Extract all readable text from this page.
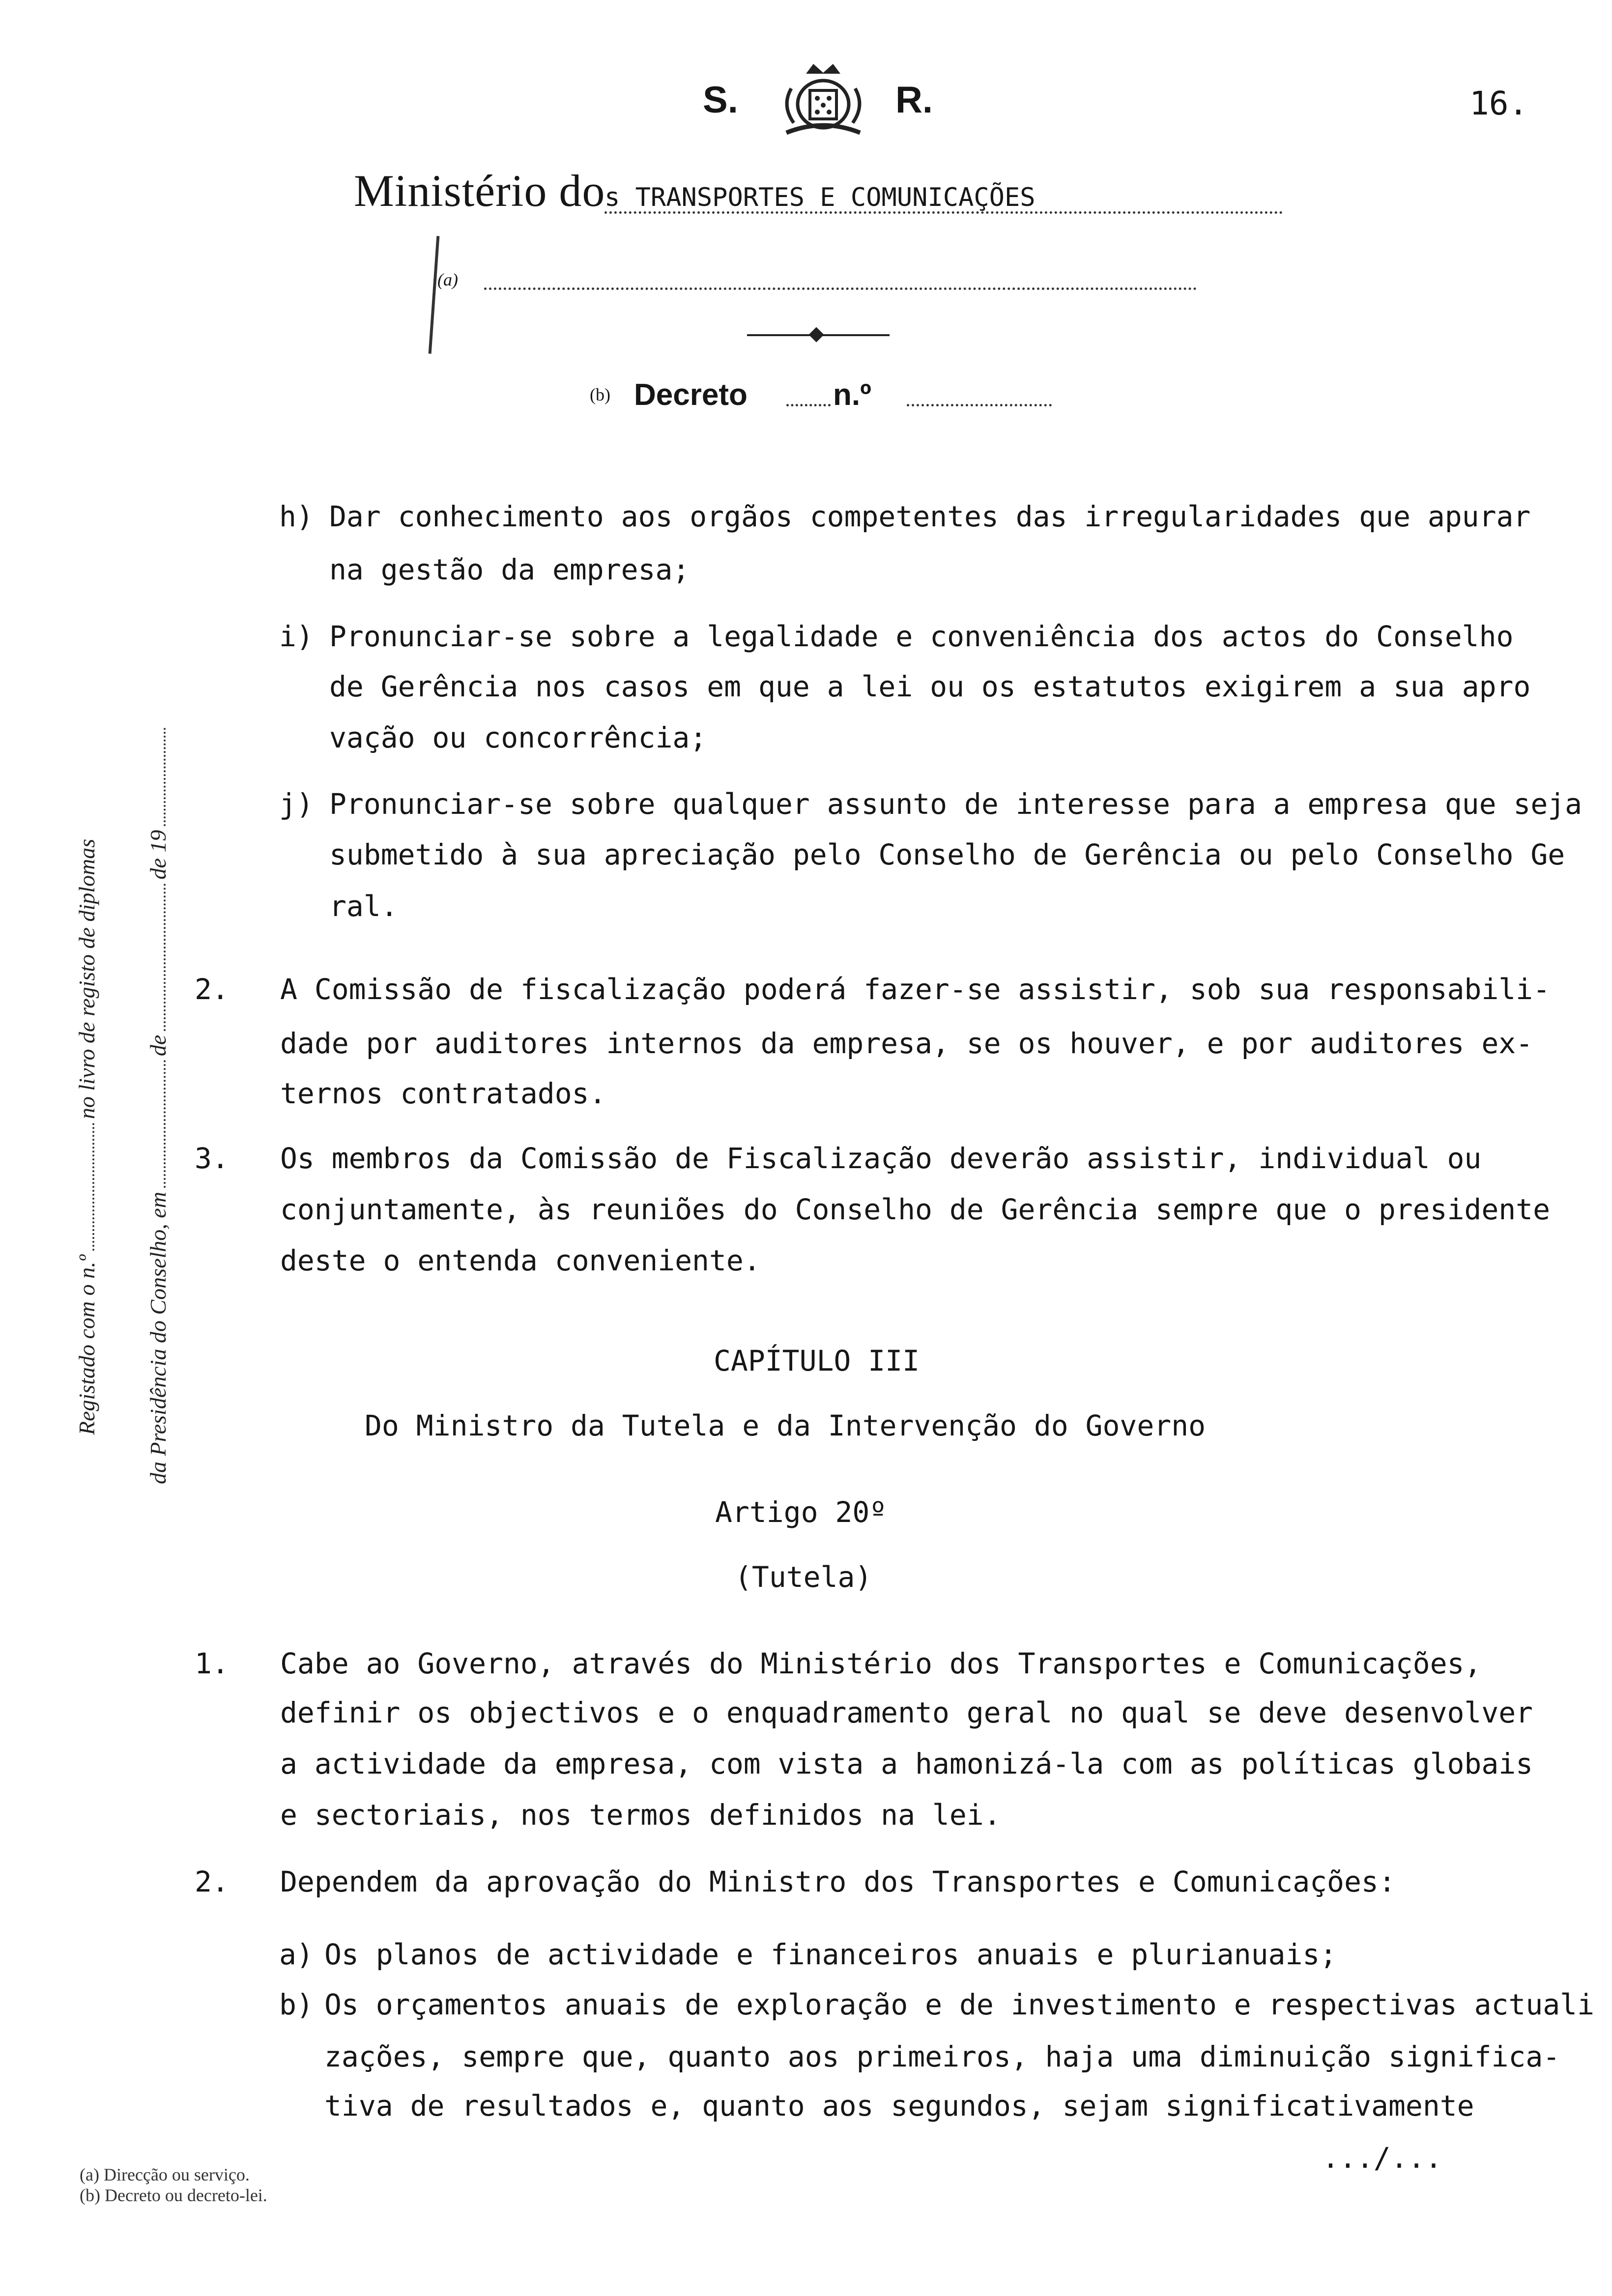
S.	R.	16.
Ministério do
s TRANSPORTES E COMUNICAÇÕES
(a)
(b) Decreto	n.º
Registado com o n.ºno livro de registo de diplomas
da Presidência do Conselho, emdede 19
h) Dar conhecimento aos orgãos competentes das irregularidades que apurar
na gestão da empresa;
i) Pronunciar-se sobre a legalidade e conveniência dos actos do Conselho
de Gerência nos casos em que a lei ou os estatutos exigirem a sua apro
vação ou concorrência;
j) Pronunciar-se sobre qualquer assunto de interesse para a empresa que seja
submetido à sua apreciação pelo Conselho de Gerência ou pelo Conselho Ge
ral.
2. A Comissão de fiscalização poderá fazer-se assistir, sob sua responsabili-
dade por auditores internos da empresa, se os houver, e por auditores ex-
ternos contratados.
3. Os membros da Comissão de Fiscalização deverão assistir, individual ou
conjuntamente, às reuniões do Conselho de Gerência sempre que o presidente
deste o entenda conveniente.
CAPÍTULO III
Do Ministro da Tutela e da Intervenção do Governo
Artigo 20º
(Tutela)
1. Cabe ao Governo, através do Ministério dos Transportes e Comunicações,
definir os objectivos e o enquadramento geral no qual se deve desenvolver
a actividade da empresa, com vista a hamonizá-la com as políticas globais
e sectoriais, nos termos definidos na lei.
2. Dependem da aprovação do Ministro dos Transportes e Comunicações:
a) Os planos de actividade e financeiros anuais e plurianuais;
b) Os orçamentos anuais de exploração e de investimento e respectivas actuali
zações, sempre que, quanto aos primeiros, haja uma diminuição significa-
tiva de resultados e, quanto aos segundos, sejam significativamente
.../...
(a) Direcção ou serviço.
(b) Decreto ou decreto-lei.
